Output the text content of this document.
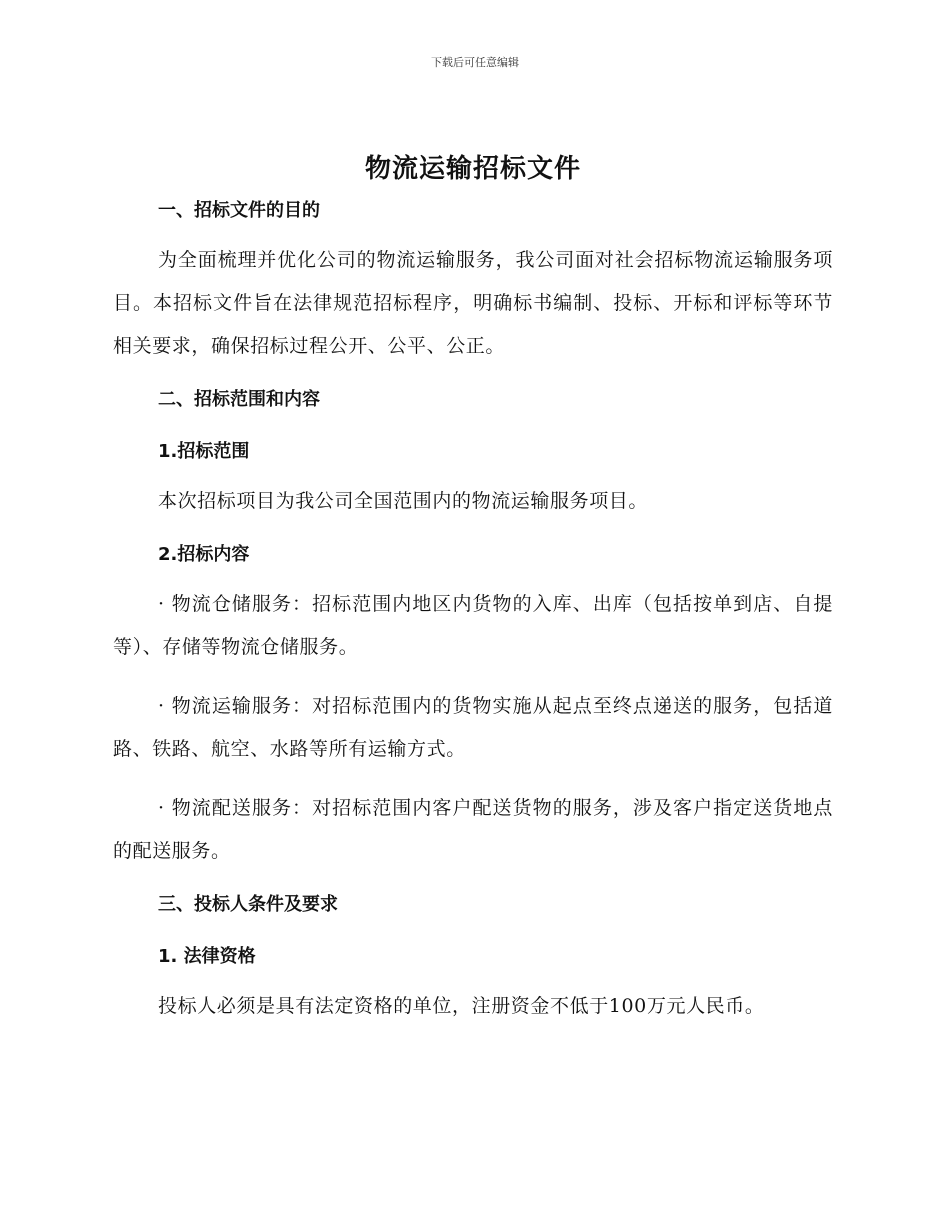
下载后可任意编辑
物流运输招标文件
一、招标文件的目的

为全面梳理并优化公司的物流运输服务，我公司面对社会招标物流运输服务项目。本招标文件旨在法律规范招标程序，明确标书编制、投标、开标和评标等环节相关要求，确保招标过程公开、公平、公正。

二、招标范围和内容
1.招标范围

本次招标项目为我公司全国范围内的物流运输服务项目。

2.招标内容

· 物流仓储服务：招标范围内地区内货物的入库、出库（包括按单到店、自提等）、存储等物流仓储服务。

· 物流运输服务：对招标范围内的货物实施从起点至终点递送的服务，包括道路、铁路、航空、水路等所有运输方式。

· 物流配送服务：对招标范围内客户配送货物的服务，涉及客户指定送货地点的配送服务。

三、投标人条件及要求
1. 法律资格

投标人必须是具有法定资格的单位，注册资金不低于100万元人民币。
